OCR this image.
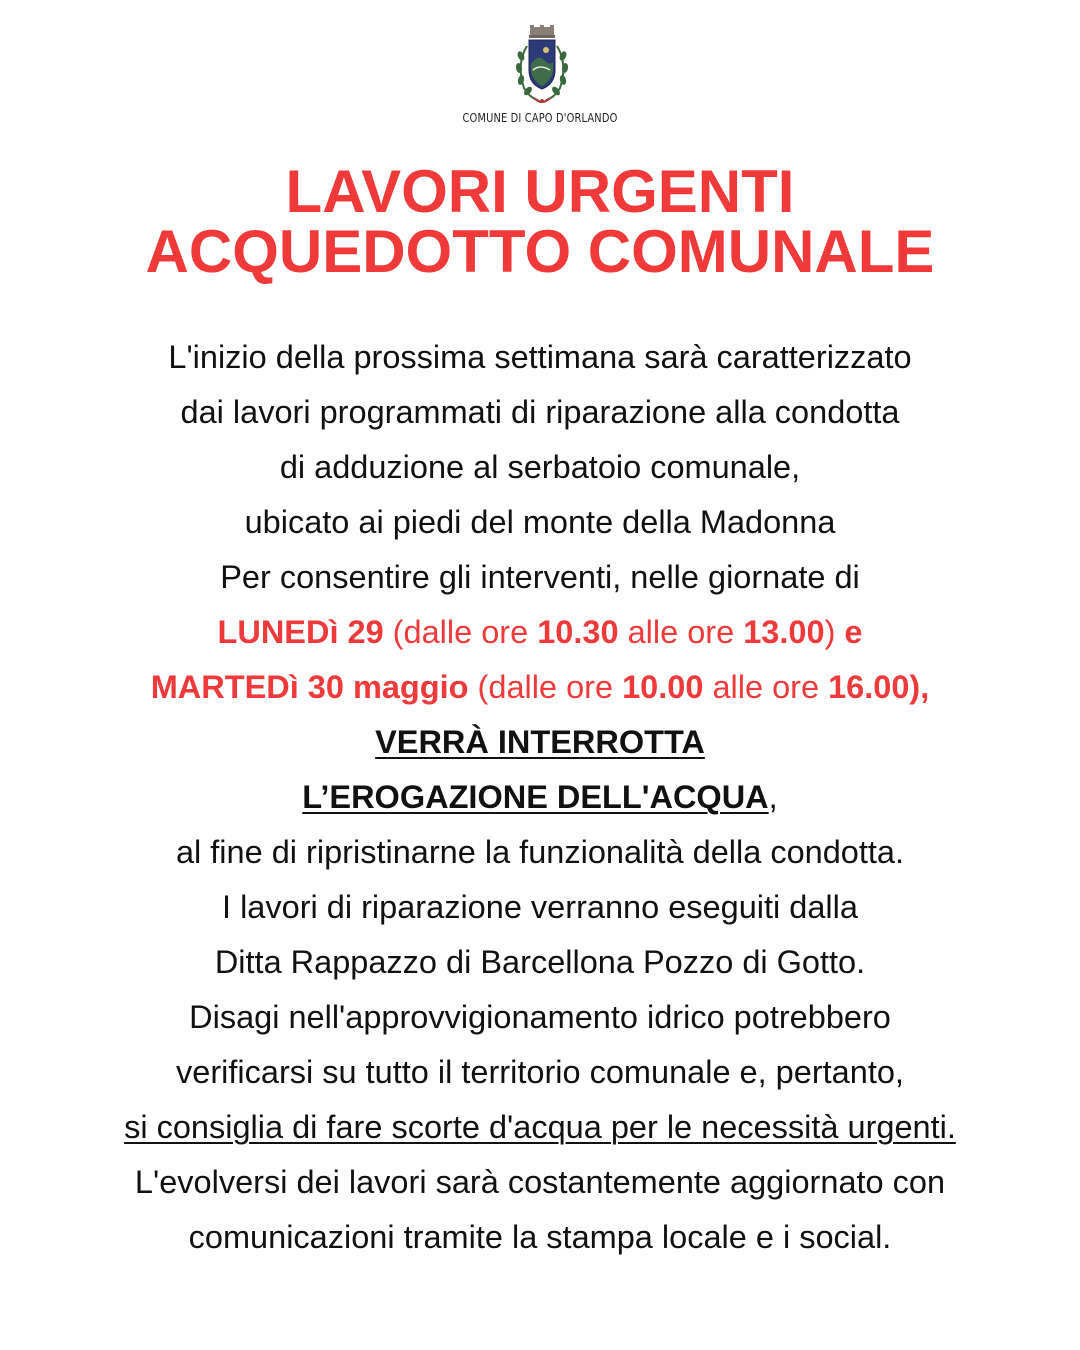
COMUNE DI CAPO D'ORLANDO
LAVORI URGENTI
ACQUEDOTTO COMUNALE
L'inizio della prossima settimana sarà caratterizzato
dai lavori programmati di riparazione alla condotta
di adduzione al serbatoio comunale,
ubicato ai piedi del monte della Madonna
Per consentire gli interventi, nelle giornate di
LUNEDì 29 (dalle ore 10.30 alle ore 13.00) e
MARTEDì 30 maggio (dalle ore 10.00 alle ore 16.00),
VERRÀ INTERROTTA
L’EROGAZIONE DELL'ACQUA,
al fine di ripristinarne la funzionalità della condotta.
I lavori di riparazione verranno eseguiti dalla
Ditta Rappazzo di Barcellona Pozzo di Gotto.
Disagi nell'approvvigionamento idrico potrebbero
verificarsi su tutto il territorio comunale e, pertanto,
si consiglia di fare scorte d'acqua per le necessità urgenti.
L'evolversi dei lavori sarà costantemente aggiornato con
comunicazioni tramite la stampa locale e i social.
